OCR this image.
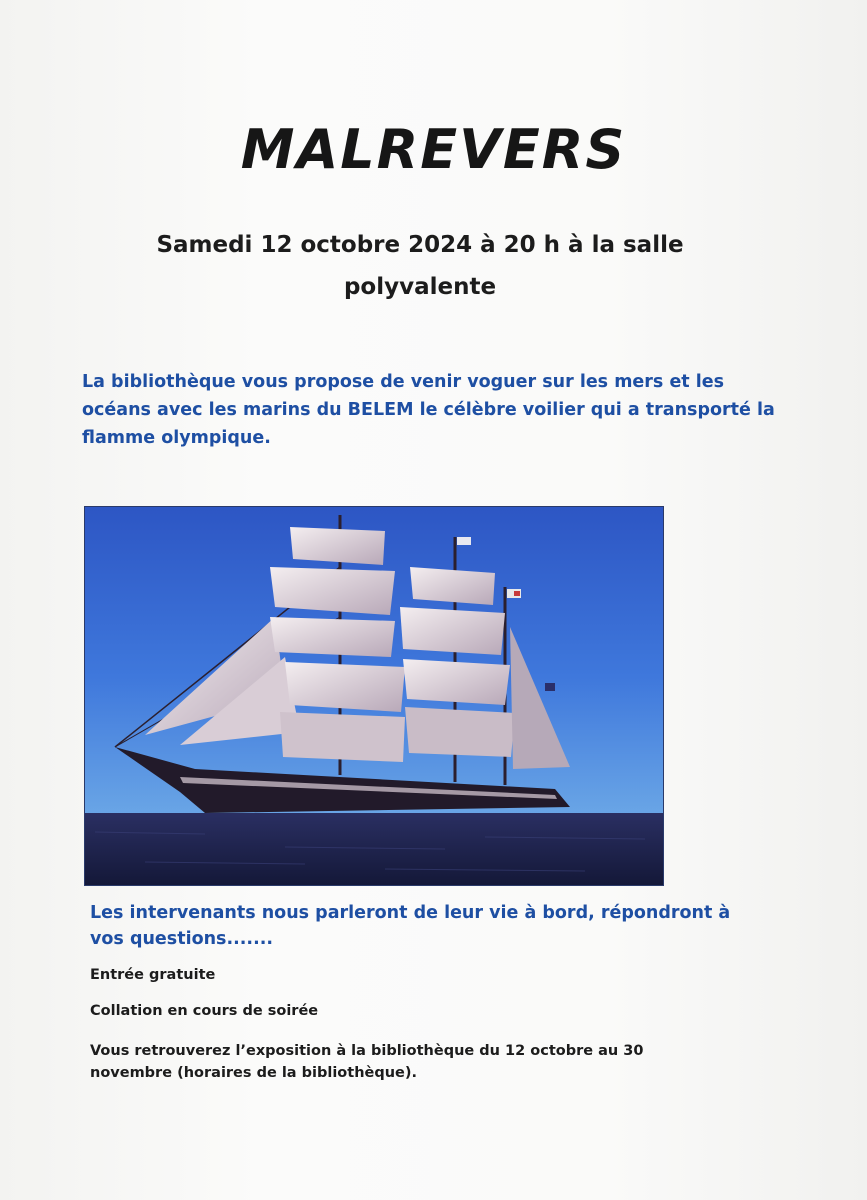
MALREVERS
Samedi 12 octobre 2024 à 20 h à la salle polyvalente
La bibliothèque vous propose de venir voguer sur les mers et les océans avec les marins du BELEM le célèbre voilier qui a transporté la flamme olympique.
Les intervenants nous parleront de leur vie à bord, répondront à vos questions.......
Entrée gratuite
Collation en cours de soirée
Vous retrouverez l’exposition à la bibliothèque du 12 octobre au 30 novembre (horaires de la bibliothèque).
